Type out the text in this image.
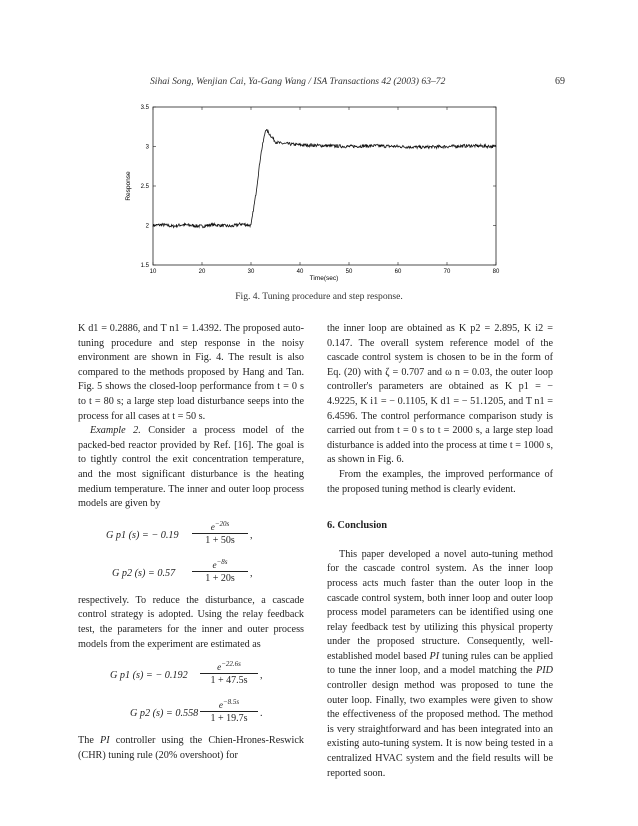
Sihai Song, Wenjian Cai, Ya-Gang Wang / ISA Transactions 42 (2003) 63–72	69
1.5
2
2.5
3
3.5
10	20	30	40	50	60	70	80
Time(sec)
Response
Fig. 4. Tuning procedure and step response.

K d1 = 0.2886, and T n1 = 1.4392. The proposed auto-tuning procedure and step response in the noisy environment are shown in Fig. 4. The result is also compared to the methods proposed by Hang and Tan. Fig. 5 shows the closed-loop performance from t = 0 s to t = 80 s; a large step load disturbance seeps into the process for all cases at t = 50 s.

Example 2. Consider a process model of the packed-bed reactor provided by Ref. [16]. The goal is to tightly control the exit concentration temperature, and the most significant disturbance is the heating medium temperature. The inner and outer loop process models are given by

G p1 (s) = − $0.19 \frac{e^{-20s}}{1 + 50s}$ ,
G p2 $(s) = 0.57 \frac{e^{-8s}}{1 + 20s}$ ,

respectively. To reduce the disturbance, a cascade control strategy is adopted. Using the relay feedback test, the parameters for the inner and outer process models from the experiment are estimated as

G p1 (s) = − $0.192 \frac{e^{-22.6s}}{1 + 47.5s}$ ,
G p2 $(s) = 0.558 \frac{e^{-8.5s}}{1 + 19.7s}$ .

The PI controller using the Chien-Hrones-Reswick (CHR) tuning rule (20% overshoot) for

the inner loop are obtained as K p2 = 2.895, K i2 = 0.147. The overall system reference model of the cascade control system is chosen to be in the form of Eq. (20) with ζ = 0.707 and ω n = 0.03, the outer loop controller's parameters are obtained as K p1 = − 4.9225, K i1 = − 0.1105, K d1 = − 51.1205, and T n1 = 6.4596. The control performance comparison study is carried out from t = 0 s to t = 2000 s, a large step load disturbance is added into the process at time t = 1000 s, as shown in Fig. 6.

From the examples, the improved performance of the proposed tuning method is clearly evident.

6. Conclusion

This paper developed a novel auto-tuning method for the cascade control system. As the inner loop process acts much faster than the outer loop in the cascade control system, both inner loop and outer loop process model parameters can be identified using one relay feedback test by utilizing this physical property under the proposed structure. Consequently, well-established model based PI tuning rules can be applied to tune the inner loop, and a model matching the PID controller design method was proposed to tune the outer loop. Finally, two examples were given to show the effectiveness of the proposed method. The method is very straightforward and has been integrated into an existing auto-tuning system. It is now being tested in a centralized HVAC system and the field results will be reported soon.
